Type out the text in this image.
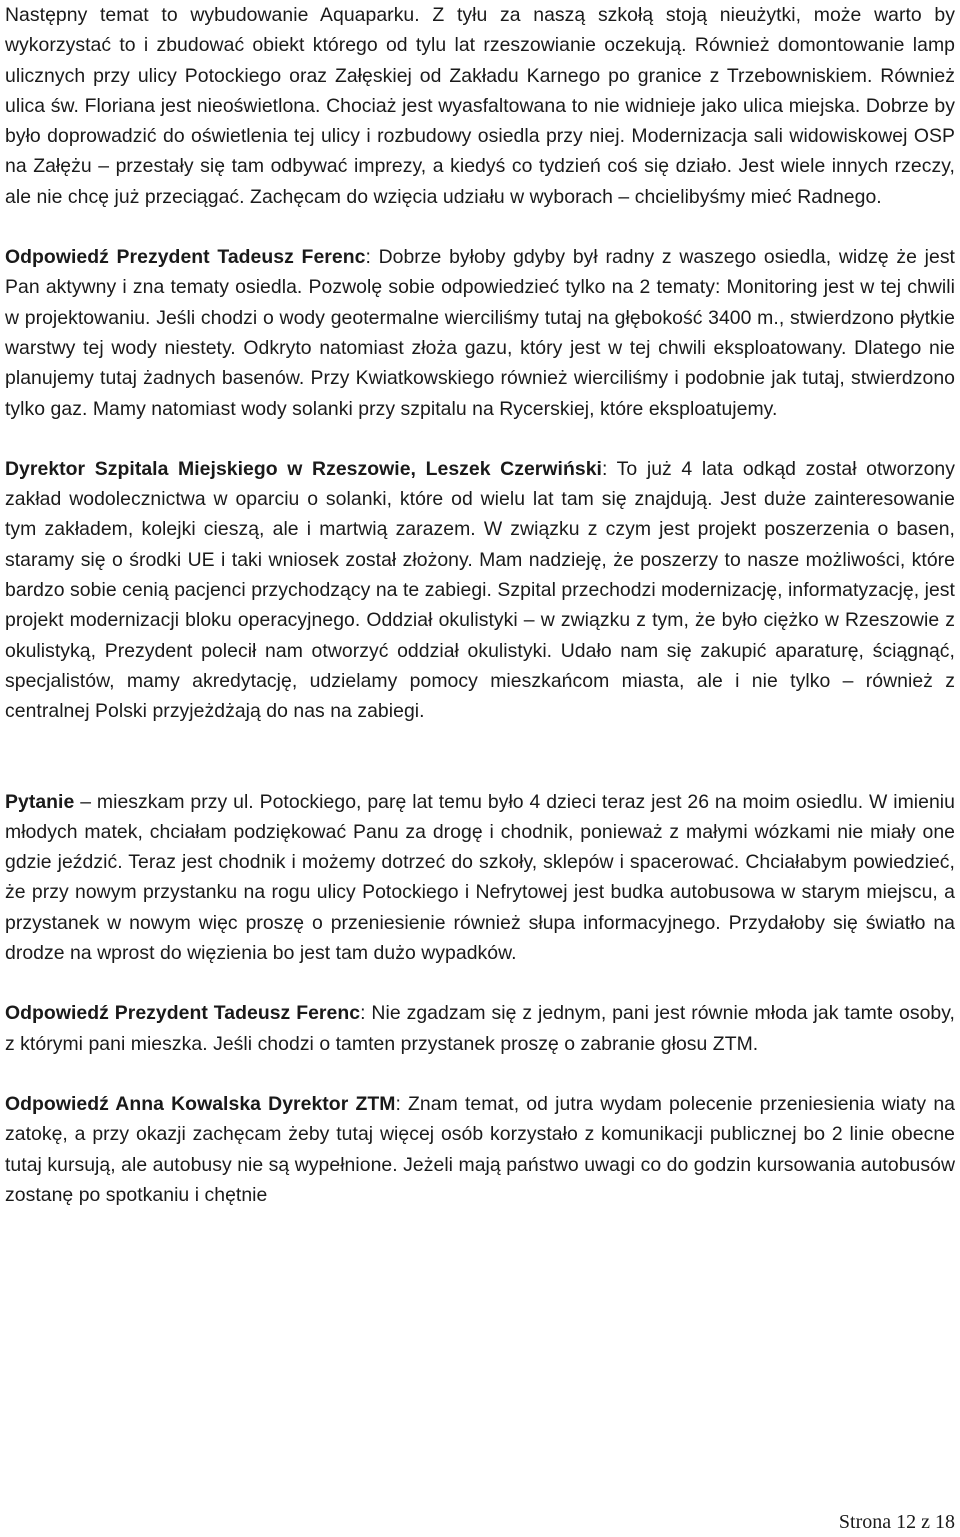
Następny temat to wybudowanie Aquaparku. Z tyłu za naszą szkołą stoją nieużytki, może warto by wykorzystać to i zbudować obiekt którego od tylu lat rzeszowianie oczekują. Również domontowanie lamp ulicznych przy ulicy Potockiego oraz Załęskiej od Zakładu Karnego po granice z Trzebowniskiem. Również ulica św. Floriana jest nieoświetlona. Chociaż jest wyasfaltowana to nie widnieje jako ulica miejska. Dobrze by było doprowadzić do oświetlenia tej ulicy i rozbudowy osiedla przy niej. Modernizacja sali widowiskowej OSP na Załężu – przestały się tam odbywać imprezy, a kiedyś co tydzień coś się działo. Jest wiele innych rzeczy, ale nie chcę już przeciągać. Zachęcam do wzięcia udziału w wyborach – chcielibyśmy mieć Radnego.

Odpowiedź Prezydent Tadeusz Ferenc: Dobrze byłoby gdyby był radny z waszego osiedla, widzę że jest Pan aktywny i zna tematy osiedla. Pozwolę sobie odpowiedzieć tylko na 2 tematy: Monitoring jest w tej chwili w projektowaniu. Jeśli chodzi o wody geotermalne wierciliśmy tutaj na głębokość 3400 m., stwierdzono płytkie warstwy tej wody niestety. Odkryto natomiast złoża gazu, który jest w tej chwili eksploatowany. Dlatego nie planujemy tutaj żadnych basenów. Przy Kwiatkowskiego również wierciliśmy i podobnie jak tutaj, stwierdzono tylko gaz. Mamy natomiast wody solanki przy szpitalu na Rycerskiej, które eksploatujemy.

Dyrektor Szpitala Miejskiego w Rzeszowie, Leszek Czerwiński: To już 4 lata odkąd został otworzony zakład wodolecznictwa w oparciu o solanki, które od wielu lat tam się znajdują. Jest duże zainteresowanie tym zakładem, kolejki cieszą, ale i martwią zarazem. W związku z czym jest projekt poszerzenia o basen, staramy się o środki UE i taki wniosek został złożony. Mam nadzieję, że poszerzy to nasze możliwości, które bardzo sobie cenią pacjenci przychodzący na te zabiegi. Szpital przechodzi modernizację, informatyzację, jest projekt modernizacji bloku operacyjnego. Oddział okulistyki – w związku z tym, że było ciężko w Rzeszowie z okulistyką, Prezydent polecił nam otworzyć oddział okulistyki. Udało nam się zakupić aparaturę, ściągnąć, specjalistów, mamy akredytację, udzielamy pomocy mieszkańcom miasta, ale i nie tylko – również z centralnej Polski przyjeżdżają do nas na zabiegi.

Pytanie – mieszkam przy ul. Potockiego, parę lat temu było 4 dzieci teraz jest 26 na moim osiedlu. W imieniu młodych matek, chciałam podziękować Panu za drogę i chodnik, ponieważ z małymi wózkami nie miały one gdzie jeździć. Teraz jest chodnik i możemy dotrzeć do szkoły, sklepów i spacerować. Chciałabym powiedzieć, że przy nowym przystanku na rogu ulicy Potockiego i Nefrytowej jest budka autobusowa w starym miejscu, a przystanek w nowym więc proszę o przeniesienie również słupa informacyjnego. Przydałoby się światło na drodze na wprost do więzienia bo jest tam dużo wypadków.

Odpowiedź Prezydent Tadeusz Ferenc: Nie zgadzam się z jednym, pani jest równie młoda jak tamte osoby, z którymi pani mieszka. Jeśli chodzi o tamten przystanek proszę o zabranie głosu ZTM.

Odpowiedź Anna Kowalska Dyrektor ZTM: Znam temat, od jutra wydam polecenie przeniesienia wiaty na zatokę, a przy okazji zachęcam żeby tutaj więcej osób korzystało z komunikacji publicznej bo 2 linie obecne tutaj kursują, ale autobusy nie są wypełnione. Jeżeli mają państwo uwagi co do godzin kursowania autobusów zostanę po spotkaniu i chętnie

Strona 12 z 18
